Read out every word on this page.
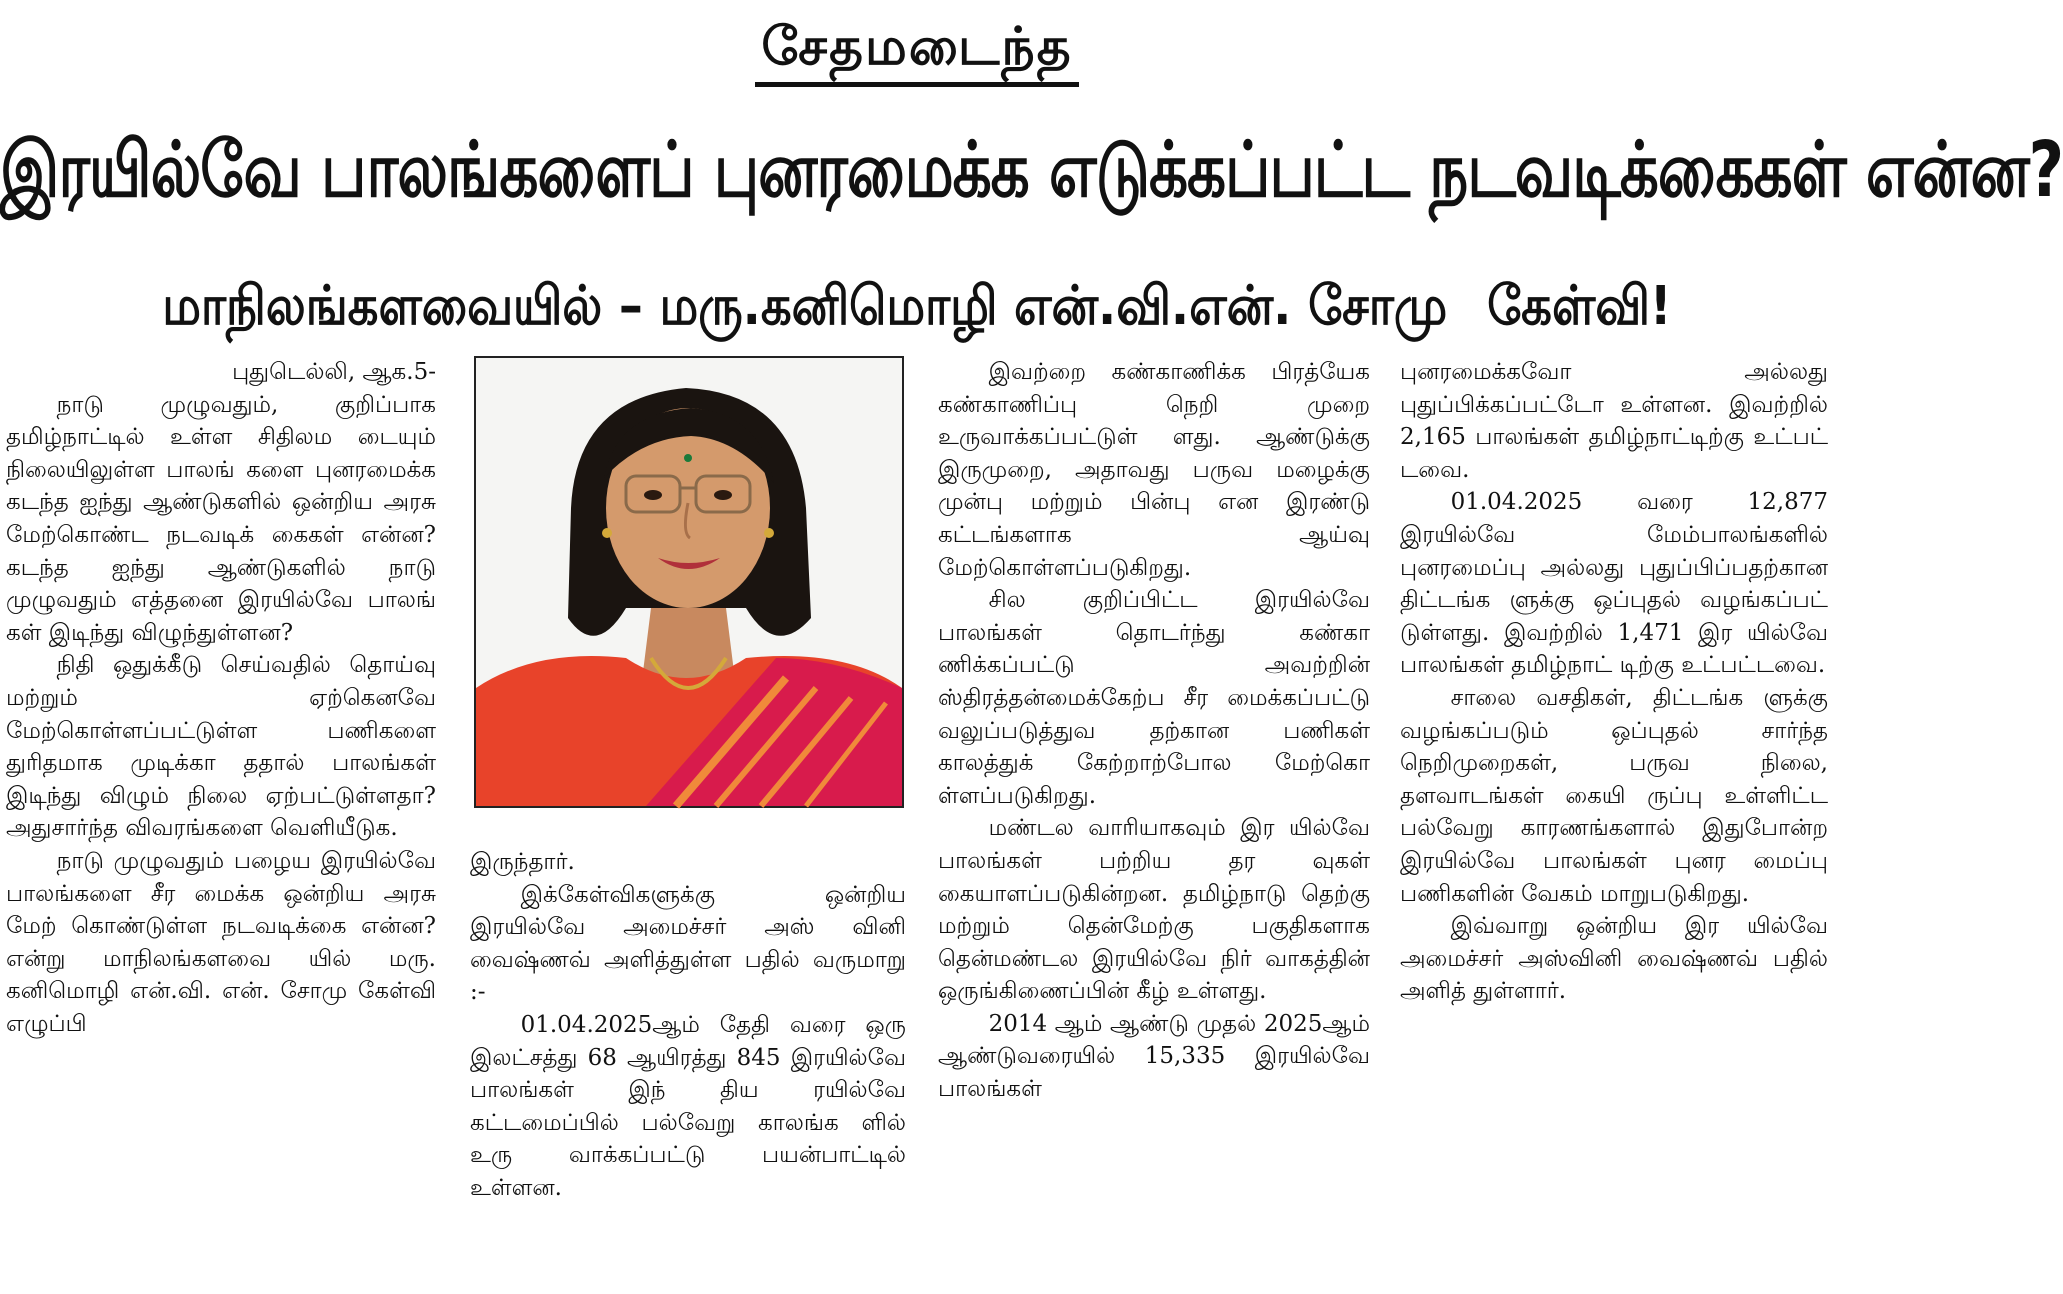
சேதமடைந்த
இரயில்வே பாலங்களைப் புனரமைக்க எடுக்கப்பட்ட நடவடிக்கைகள் என்ன?
மாநிலங்களவையில் – மரு.கனிமொழி என்.வி.என். சோமு கேள்வி!

புதுடெல்லி, ஆக.5-

நாடு முழுவதும், குறிப்பாக தமிழ்நாட்டில் உள்ள சிதிலம டையும் நிலையிலுள்ள பாலங் களை புனரமைக்க கடந்த ஐந்து ஆண்டுகளில் ஒன்றிய அரசு மேற்கொண்ட நடவடிக் கைகள் என்ன? கடந்த ஐந்து ஆண்டுகளில் நாடு முழுவதும் எத்தனை இரயில்வே பாலங் கள் இடிந்து விழுந்துள்ளன?

நிதி ஒதுக்கீடு செய்வதில் தொய்வு மற்றும் ஏற்கெனவே மேற்கொள்ளப்பட்டுள்ள பணிகளை துரிதமாக முடிக்கா ததால் பாலங்கள் இடிந்து விழும் நிலை ஏற்பட்டுள்ளதா? அதுசார்ந்த விவரங்களை வெளியீடுக.

நாடு முழுவதும் பழைய இரயில்வே பாலங்களை சீர மைக்க ஒன்றிய அரசு மேற் கொண்டுள்ள நடவடிக்கை என்ன? என்று மாநிலங்களவை யில் மரு. கனிமொழி என்.வி. என். சோமு கேள்வி எழுப்பி

இருந்தார்.

இக்கேள்விகளுக்கு ஒன்றிய இரயில்வே அமைச்சர் அஸ் வினி வைஷ்ணவ் அளித்துள்ள பதில் வருமாறு :-

01.04.2025ஆம் தேதி வரை ஒரு இலட்சத்து 68 ஆயிரத்து 845 இரயில்வே பாலங்கள் இந் திய ரயில்வே கட்டமைப்பில் பல்வேறு காலங்க ளில் உரு வாக்கப்பட்டு பயன்பாட்டில் உள்ளன.

இவற்றை கண்காணிக்க பிரத்யேக கண்காணிப்பு நெறி முறை உருவாக்கப்பட்டுள் ளது. ஆண்டுக்கு இருமுறை, அதாவது பருவ மழைக்கு முன்பு மற்றும் பின்பு என இரண்டு கட்டங்களாக ஆய்வு மேற்கொள்ளப்படுகிறது.

சில குறிப்பிட்ட இரயில்வே பாலங்கள் தொடர்ந்து கண்கா ணிக்கப்பட்டு அவற்றின் ஸ்திரத்தன்மைக்கேற்ப சீர மைக்கப்பட்டு வலுப்படுத்துவ தற்கான பணிகள் காலத்துக் கேற்றாற்போல மேற்கொ ள்ளப்படுகிறது.

மண்டல வாரியாகவும் இர யில்வே பாலங்கள் பற்றிய தர வுகள் கையாளப்படுகின்றன. தமிழ்நாடு தெற்கு மற்றும் தென்மேற்கு பகுதிகளாக தென்மண்டல இரயில்வே நிர் வாகத்தின் ஒருங்கிணைப்பின் கீழ் உள்ளது.

2014 ஆம் ஆண்டு முதல் 2025ஆம் ஆண்டுவரையில் 15,335 இரயில்வே பாலங்கள்

புனரமைக்கவோ அல்லது புதுப்பிக்கப்பட்டோ உள்ளன. இவற்றில் 2,165 பாலங்கள் தமிழ்நாட்டிற்கு உட்பட் டவை.

01.04.2025 வரை 12,877 இரயில்வே மேம்பாலங்களில் புனரமைப்பு அல்லது புதுப்பிப்பதற்கான திட்டங்க ளுக்கு ஒப்புதல் வழங்கப்பட் டுள்ளது. இவற்றில் 1,471 இர யில்வே பாலங்கள் தமிழ்நாட் டிற்கு உட்பட்டவை.

சாலை வசதிகள், திட்டங்க ளுக்கு வழங்கப்படும் ஒப்புதல் சார்ந்த நெறிமுறைகள், பருவ நிலை, தளவாடங்கள் கையி ருப்பு உள்ளிட்ட பல்வேறு காரணங்களால் இதுபோன்ற இரயில்வே பாலங்கள் புனர மைப்பு பணிகளின் வேகம் மாறுபடுகிறது.

இவ்வாறு ஒன்றிய இர யில்வே அமைச்சர் அஸ்வினி வைஷ்ணவ் பதில் அளித் துள்ளார்.
